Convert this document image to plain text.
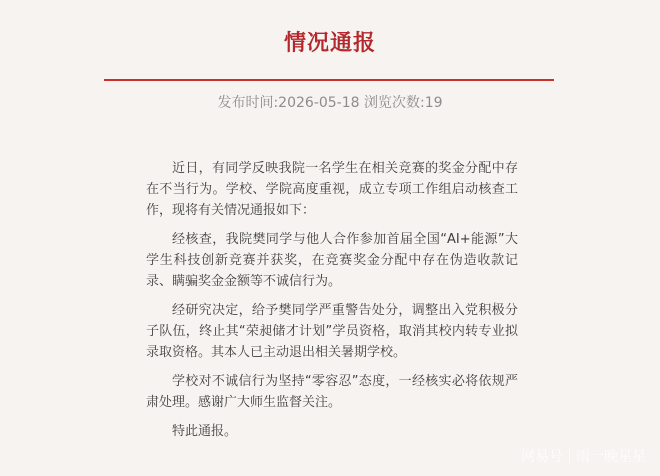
情况通报
发布时间:2026-05-18 浏览次数:19

近日，有同学反映我院一名学生在相关竞赛的奖金分配中存在不当行为。学校、学院高度重视，成立专项工作组启动核查工作，现将有关情况通报如下：

经核查，我院樊同学与他人合作参加首届全国“AI+能源”大学生科技创新竞赛并获奖，在竞赛奖金分配中存在伪造收款记录、瞒骗奖金金额等不诚信行为。

经研究决定，给予樊同学严重警告处分，调整出入党积极分子队伍，终止其“荣昶储才计划”学员资格，取消其校内转专业拟录取资格。其本人已主动退出相关暑期学校。

学校对不诚信行为坚持“零容忍”态度，一经核实必将依规严肃处理。感谢广大师生监督关注。

特此通报。

网易号 雨一晚星星
